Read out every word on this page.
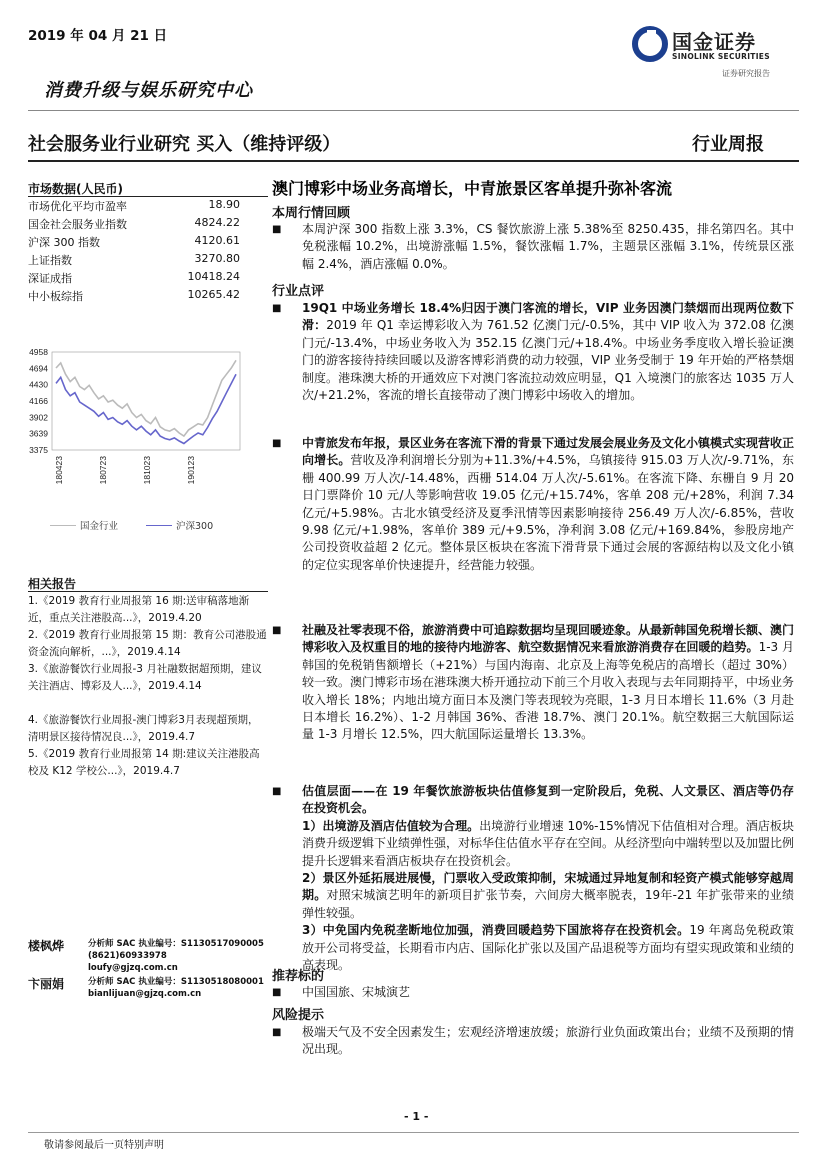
2019 年 04 月 21 日	国金证券
SINOLINK SECURITIES
证券研究报告
消费升级与娱乐研究中心
社会服务业行业研究 买入（维持评级）	行业周报
市场数据(人民币)
市场优化平均市盈率	18.90
国金社会服务业指数	4824.22
沪深 300 指数	4120.61
上证指数	3270.80
深证成指	10418.24
中小板综指	10265.42
4958
4694
4430
4166
3902
3639
3375
180423	180723	181023	190123
国金行业	沪深300
相关报告
1.《2019 教育行业周报第 16 期:送审稿落地渐近，重点关注港股高...》，2019.4.20
2.《2019 教育行业周报第 15 期：教育公司港股通资金流向解析，...》，2019.4.14
3.《旅游餐饮行业周报-3 月社融数据超预期，建议关注酒店、博彩及人...》，2019.4.14
4.《旅游餐饮行业周报-澳门博彩3月表现超预期，清明景区接待情况良...》，2019.4.7
5.《2019 教育行业周报第 14 期:建议关注港股高校及 K12 学校公...》，2019.4.7
楼枫烨	分析师 SAC 执业编号：S1130517090005
(8621)60933978
loufy@gjzq.com.cn
卞丽娟	分析师 SAC 执业编号：S1130518080001
bianlijuan@gjzq.com.cn
澳门博彩中场业务高增长，中青旅景区客单提升弥补客流
本周行情回顾
■	本周沪深 300 指数上涨 3.3%，CS 餐饮旅游上涨 5.38%至 8250.435，排名第四名。其中免税涨幅 10.2%，出境游涨幅 1.5%，餐饮涨幅 1.7%，主题景区涨幅 3.1%，传统景区涨幅 2.4%，酒店涨幅 0.0%。
行业点评
■	19Q1 中场业务增长 18.4%归因于澳门客流的增长，VIP 业务因澳门禁烟而出现两位数下滑：2019 年 Q1 幸运博彩收入为 761.52 亿澳门元/-0.5%，其中 VIP 收入为 372.08 亿澳门元/-13.4%，中场业务收入为 352.15 亿澳门元/+18.4%。中场业务季度收入增长验证澳门的游客接待持续回暖以及游客博彩消费的动力较强，VIP 业务受制于 19 年开始的严格禁烟制度。港珠澳大桥的开通效应下对澳门客流拉动效应明显，Q1 入境澳门的旅客达 1035 万人次/+21.2%，客流的增长直接带动了澳门博彩中场收入的增加。
■	中青旅发布年报，景区业务在客流下滑的背景下通过发展会展业务及文化小镇模式实现营收正向增长。营收及净利润增长分别为+11.3%/+4.5%，乌镇接待 915.03 万人次/-9.71%，东栅 400.99 万人次/-14.48%，西栅 514.04 万人次/-5.61%。在客流下降、东栅自 9 月 20 日门票降价 10 元/人等影响营收 19.05 亿元/+15.74%，客单 208 元/+28%，利润 7.34 亿元/+5.98%。古北水镇受经济及夏季汛情等因素影响接待 256.49 万人次/-6.85%，营收 9.98 亿元/+1.98%，客单价 389 元/+9.5%，净利润 3.08 亿元/+169.84%，参股房地产公司投资收益超 2 亿元。整体景区板块在客流下滑背景下通过会展的客源结构以及文化小镇的定位实现客单价快速提升，经营能力较强。
■	社融及社零表现不俗，旅游消费中可追踪数据均呈现回暖迹象。从最新韩国免税增长额、澳门博彩收入及权重目的地的接待内地游客、航空数据情况来看旅游消费存在回暖的趋势。1-3 月韩国的免税销售额增长（+21%）与国内海南、北京及上海等免税店的高增长（超过 30%）较一致。澳门博彩市场在港珠澳大桥开通拉动下前三个月收入表现与去年同期持平，中场业务收入增长 18%；内地出境方面日本及澳门等表现较为亮眼，1-3 月日本增长 11.6%（3 月赴日本增长 16.2%）、1-2 月韩国 36%、香港 18.7%、澳门 20.1%。航空数据三大航国际运量 1-3 月增长 12.5%，四大航国际运量增长 13.3%。
■	估值层面——在 19 年餐饮旅游板块估值修复到一定阶段后，免税、人文景区、酒店等仍存在投资机会。
1）出境游及酒店估值较为合理。出境游行业增速 10%-15%情况下估值相对合理。酒店板块消费升级逻辑下业绩弹性强，对标华住估值水平存在空间。从经济型向中端转型以及加盟比例提升长逻辑来看酒店板块存在投资机会。
2）景区外延拓展进展慢，门票收入受政策抑制，宋城通过异地复制和轻资产模式能够穿越周期。对照宋城演艺明年的新项目扩张节奏，六间房大概率脱表，19年-21 年扩张带来的业绩弹性较强。
3）中免国内免税垄断地位加强，消费回暖趋势下国旅将存在投资机会。19 年离岛免税政策放开公司将受益，长期看市内店、国际化扩张以及国产品退税等方面均有望实现政策和业绩的高表现。
推荐标的
■	中国国旅、宋城演艺
风险提示
■	极端天气及不安全因素发生；宏观经济增速放缓；旅游行业负面政策出台；业绩不及预期的情况出现。
- 1 -
敬请参阅最后一页特别声明
